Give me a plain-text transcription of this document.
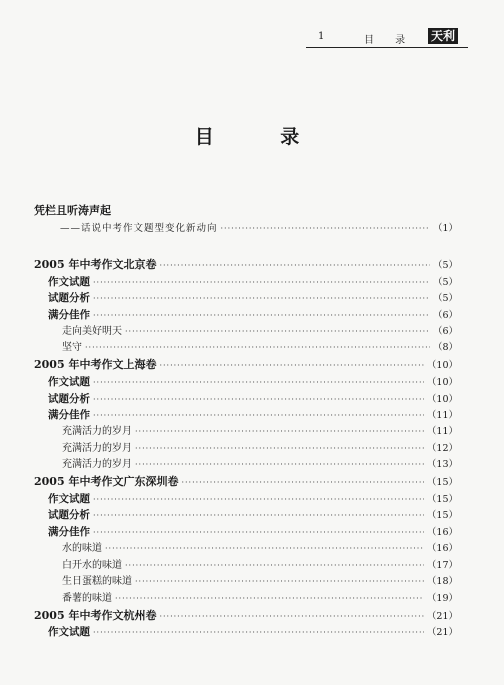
1	目 录 天利
目 录
凭栏且听涛声起
——话说中考作文题型变化新动向 ·····	（1）
2005 年中考作文北京卷 ·····	（5）
作文试题 ·····	（5）
试题分析 ·····	（5）
满分佳作 ·····	（6）
走向美好明天 ·····	（6）
坚守 ·····	（8）
2005 年中考作文上海卷 ·····	（10）
作文试题 ·····	（10）
试题分析 ·····	（10）
满分佳作 ·····	（11）
充满活力的岁月 ·····	（11）
充满活力的岁月 ·····	（12）
充满活力的岁月 ·····	（13）
2005 年中考作文广东深圳卷 ·····	（15）
作文试题 ·····	（15）
试题分析 ·····	（15）
满分佳作 ·····	（16）
水的味道 ·····	（16）
白开水的味道 ·····	（17）
生日蛋糕的味道 ·····	（18）
番薯的味道 ·····	（19）
2005 年中考作文杭州卷 ·····	（21）
作文试题 ·····	（21）
